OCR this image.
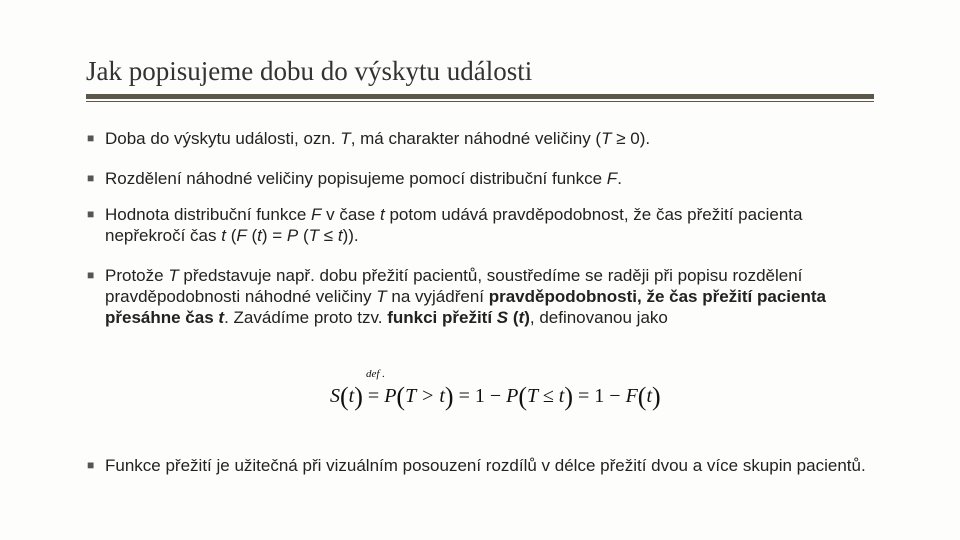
Jak popisujeme dobu do výskytu události
■ Doba do výskytu události, ozn. T, má charakter náhodné veličiny (T ≥ 0).
■ Rozdělení náhodné veličiny popisujeme pomocí distribuční funkce F.
■ Hodnota distribuční funkce F v čase t potom udává pravděpodobnost, že čas přežití pacienta nepřekročí čas t (F (t) = P (T ≤ t)).
■ Protože T představuje např. dobu přežití pacientů, soustředíme se raději při popisu rozdělení pravděpodobnosti náhodné veličiny T na vyjádření pravděpodobnosti, že čas přežití pacienta přesáhne čas t. Zavádíme proto tzv. funkci přežití S (t), definovanou jako
def .
S(t) = P(T > t) = 1 − P(T ≤ t) = 1 − F(t)
■ Funkce přežití je užitečná při vizuálním posouzení rozdílů v délce přežití dvou a více skupin pacientů.
